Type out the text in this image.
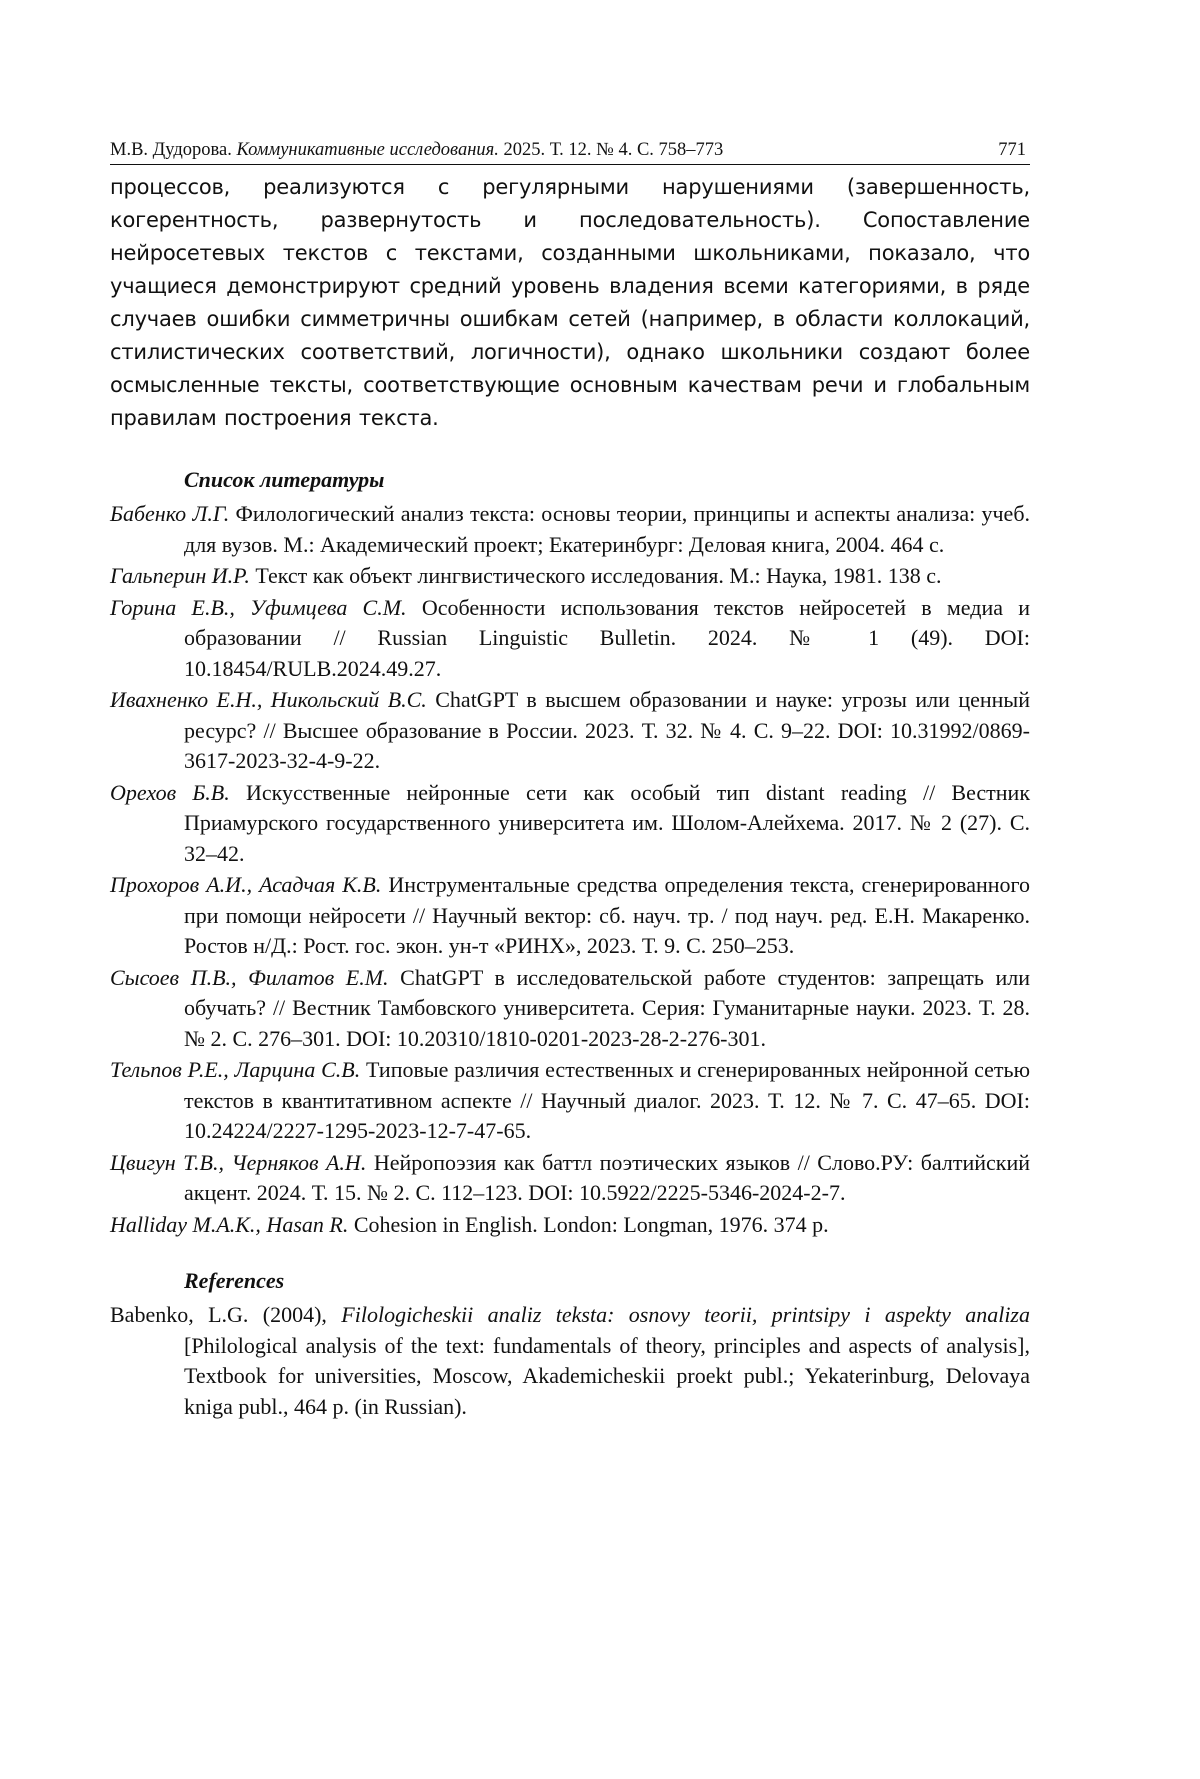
М.В. Дудорова. Коммуникативные исследования. 2025. Т. 12. № 4. С. 758–773	771

процессов, реализуются с регулярными нарушениями (завершенность, когерентность, развернутость и последовательность). Сопоставление нейросетевых текстов с текстами, созданными школьниками, показало, что учащиеся демонстрируют средний уровень владения всеми категориями, в ряде случаев ошибки симметричны ошибкам сетей (например, в области коллокаций, стилистических соответствий, логичности), однако школьники создают более осмысленные тексты, соответствующие основным качествам речи и глобальным правилам построения текста.

Список литературы
Бабенко Л.Г. Филологический анализ текста: основы теории, принципы и аспекты анализа: учеб. для вузов. М.: Академический проект; Екатеринбург: Деловая книга, 2004. 464 с.
Гальперин И.Р. Текст как объект лингвистического исследования. М.: Наука, 1981. 138 с.
Горина Е.В., Уфимцева С.М. Особенности использования текстов нейросетей в медиа и образовании // Russian Linguistic Bulletin. 2024. № 1 (49). DOI: 10.18454/RULB.2024.49.27.
Ивахненко Е.Н., Никольский В.С. ChatGPT в высшем образовании и науке: угрозы или ценный ресурс? // Высшее образование в России. 2023. Т. 32. № 4. С. 9–22. DOI: 10.31992/0869-3617-2023-32-4-9-22.
Орехов Б.В. Искусственные нейронные сети как особый тип distant reading // Вестник Приамурского государственного университета им. Шолом-Алейхема. 2017. № 2 (27). С. 32–42.
Прохоров А.И., Асадчая К.В. Инструментальные средства определения текста, сгенерированного при помощи нейросети // Научный вектор: сб. науч. тр. / под науч. ред. Е.Н. Макаренко. Ростов н/Д.: Рост. гос. экон. ун-т «РИНХ», 2023. Т. 9. С. 250–253.
Сысоев П.В., Филатов Е.М. ChatGPT в исследовательской работе студентов: запрещать или обучать? // Вестник Тамбовского университета. Серия: Гуманитарные науки. 2023. Т. 28. № 2. С. 276–301. DOI: 10.20310/1810-0201-2023-28-2-276-301.
Тельпов Р.Е., Ларцина С.В. Типовые различия естественных и сгенерированных нейронной сетью текстов в квантитативном аспекте // Научный диалог. 2023. Т. 12. № 7. С. 47–65. DOI: 10.24224/2227-1295-2023-12-7-47-65.
Цвигун Т.В., Черняков А.Н. Нейропоэзия как баттл поэтических языков // Слово.РУ: балтийский акцент. 2024. Т. 15. № 2. С. 112–123. DOI: 10.5922/2225-5346-2024-2-7.
Halliday M.A.K., Hasan R. Cohesion in English. London: Longman, 1976. 374 p.
References
Babenko, L.G. (2004), Filologicheskii analiz teksta: osnovy teorii, printsipy i aspekty analiza [Philological analysis of the text: fundamentals of theory, principles and aspects of analysis], Textbook for universities, Moscow, Akademicheskii proekt publ.; Yekaterinburg, Delovaya kniga publ., 464 p. (in Russian).
